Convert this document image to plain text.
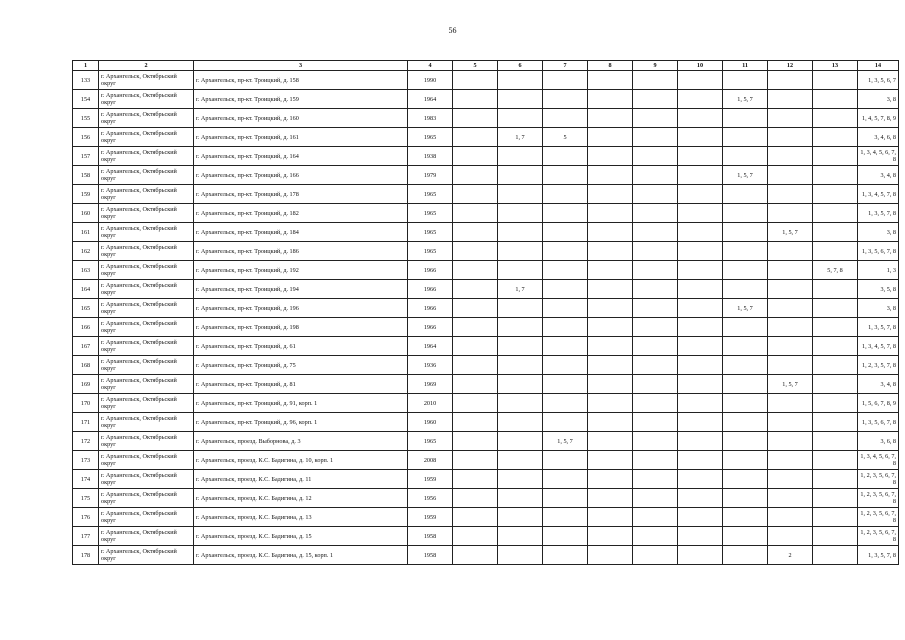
56
1	2	3	4	5	6	7	8	9	10	11	12	13	14
133	г. Архангельск, Октябрьский округ	г. Архангельск, пр-кт. Троицкий, д. 158	1990										1, 3, 5, 6, 7
154	г. Архангельск, Октябрьский округ	г. Архангельск, пр-кт. Троицкий, д. 159	1964							1, 5, 7			3, 8
155	г. Архангельск, Октябрьский округ	г. Архангельск, пр-кт. Троицкий, д. 160	1983										1, 4, 5, 7, 8, 9
156	г. Архангельск, Октябрьский округ	г. Архангельск, пр-кт. Троицкий, д. 161	1965		1, 7	5							3, 4, 6, 8
157	г. Архангельск, Октябрьский округ	г. Архангельск, пр-кт. Троицкий, д. 164	1938										1, 3, 4, 5, 6, 7, 8
158	г. Архангельск, Октябрьский округ	г. Архангельск, пр-кт. Троицкий, д. 166	1979							1, 5, 7			3, 4, 8
159	г. Архангельск, Октябрьский округ	г. Архангельск, пр-кт. Троицкий, д. 178	1965										1, 3, 4, 5, 7, 8
160	г. Архангельск, Октябрьский округ	г. Архангельск, пр-кт. Троицкий, д. 182	1965										1, 3, 5, 7, 8
161	г. Архангельск, Октябрьский округ	г. Архангельск, пр-кт. Троицкий, д. 184	1965								1, 5, 7		3, 8
162	г. Архангельск, Октябрьский округ	г. Архангельск, пр-кт. Троицкий, д. 186	1965										1, 3, 5, 6, 7, 8
163	г. Архангельск, Октябрьский округ	г. Архангельск, пр-кт. Троицкий, д. 192	1966									5, 7, 8	1, 3
164	г. Архангельск, Октябрьский округ	г. Архангельск, пр-кт. Троицкий, д. 194	1966		1, 7								3, 5, 8
165	г. Архангельск, Октябрьский округ	г. Архангельск, пр-кт. Троицкий, д. 196	1966							1, 5, 7			3, 8
166	г. Архангельск, Октябрьский округ	г. Архангельск, пр-кт. Троицкий, д. 198	1966										1, 3, 5, 7, 8
167	г. Архангельск, Октябрьский округ	г. Архангельск, пр-кт. Троицкий, д. 61	1964										1, 3, 4, 5, 7, 8
168	г. Архангельск, Октябрьский округ	г. Архангельск, пр-кт. Троицкий, д. 75	1936										1, 2, 3, 5, 7, 8
169	г. Архангельск, Октябрьский округ	г. Архангельск, пр-кт. Троицкий, д. 81	1969								1, 5, 7		3, 4, 8
170	г. Архангельск, Октябрьский округ	г. Архангельск, пр-кт. Троицкий, д. 91, корп. 1	2010										1, 5, 6, 7, 8, 9
171	г. Архангельск, Октябрьский округ	г. Архангельск, пр-кт. Троицкий, д. 96, корп. 1	1960										1, 3, 5, 6, 7, 8
172	г. Архангельск, Октябрьский округ	г. Архангельск, проезд. Выборнова, д. 3	1965			1, 5, 7							3, 6, 8
173	г. Архангельск, Октябрьский округ	г. Архангельск, проезд. К.С. Бадигина, д. 10, корп. 1	2008										1, 3, 4, 5, 6, 7, 8
174	г. Архангельск, Октябрьский округ	г. Архангельск, проезд. К.С. Бадигина, д. 11	1959										1, 2, 3, 5, 6, 7, 8
175	г. Архангельск, Октябрьский округ	г. Архангельск, проезд. К.С. Бадигина, д. 12	1956										1, 2, 3, 5, 6, 7, 8
176	г. Архангельск, Октябрьский округ	г. Архангельск, проезд. К.С. Бадигина, д. 13	1959										1, 2, 3, 5, 6, 7, 8
177	г. Архангельск, Октябрьский округ	г. Архангельск, проезд. К.С. Бадигина, д. 15	1958										1, 2, 3, 5, 6, 7, 8
178	г. Архангельск, Октябрьский округ	г. Архангельск, проезд. К.С. Бадигина, д. 15, корп. 1	1958								2		1, 3, 5, 7, 8
